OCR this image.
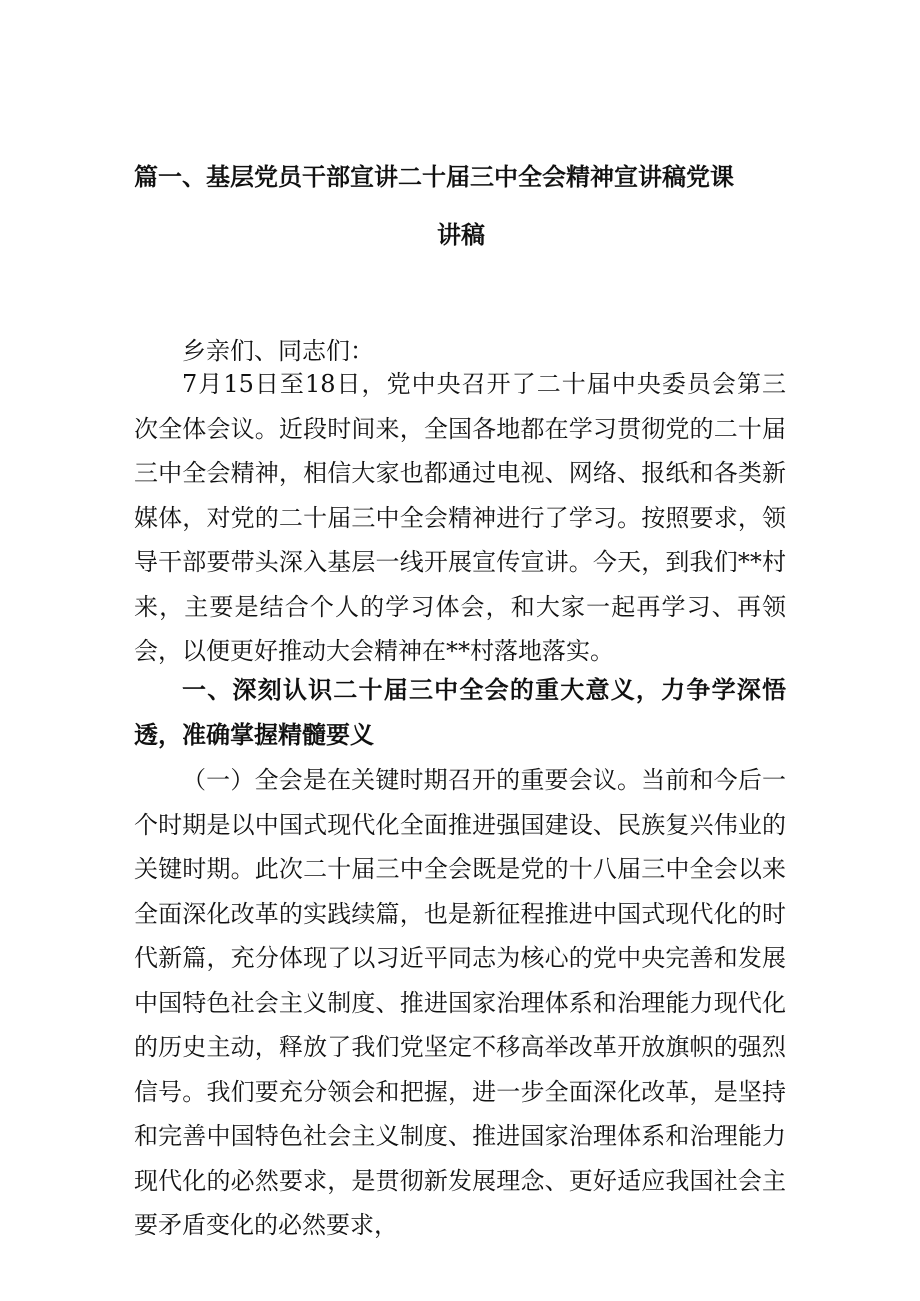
篇一、基层党员干部宣讲二十届三中全会精神宣讲稿党课
讲稿
乡亲们、同志们：
7月15日至18日，党中央召开了二十届中央委员会第三次全体会议。近段时间来，全国各地都在学习贯彻党的二十届三中全会精神，相信大家也都通过电视、网络、报纸和各类新媒体，对党的二十届三中全会精神进行了学习。按照要求，领导干部要带头深入基层一线开展宣传宣讲。今天，到我们**村来，主要是结合个人的学习体会，和大家一起再学习、再领会，以便更好推动大会精神在**村落地落实。
一、深刻认识二十届三中全会的重大意义，力争学深悟透，准确掌握精髓要义
（一）全会是在关键时期召开的重要会议。当前和今后一个时期是以中国式现代化全面推进强国建设、民族复兴伟业的关键时期。此次二十届三中全会既是党的十八届三中全会以来全面深化改革的实践续篇，也是新征程推进中国式现代化的时代新篇，充分体现了以习近平同志为核心的党中央完善和发展中国特色社会主义制度、推进国家治理体系和治理能力现代化的历史主动，释放了我们党坚定不移高举改革开放旗帜的强烈信号。我们要充分领会和把握，进一步全面深化改革，是坚持和完善中国特色社会主义制度、推进国家治理体系和治理能力现代化的必然要求，是贯彻新发展理念、更好适应我国社会主要矛盾变化的必然要求，
